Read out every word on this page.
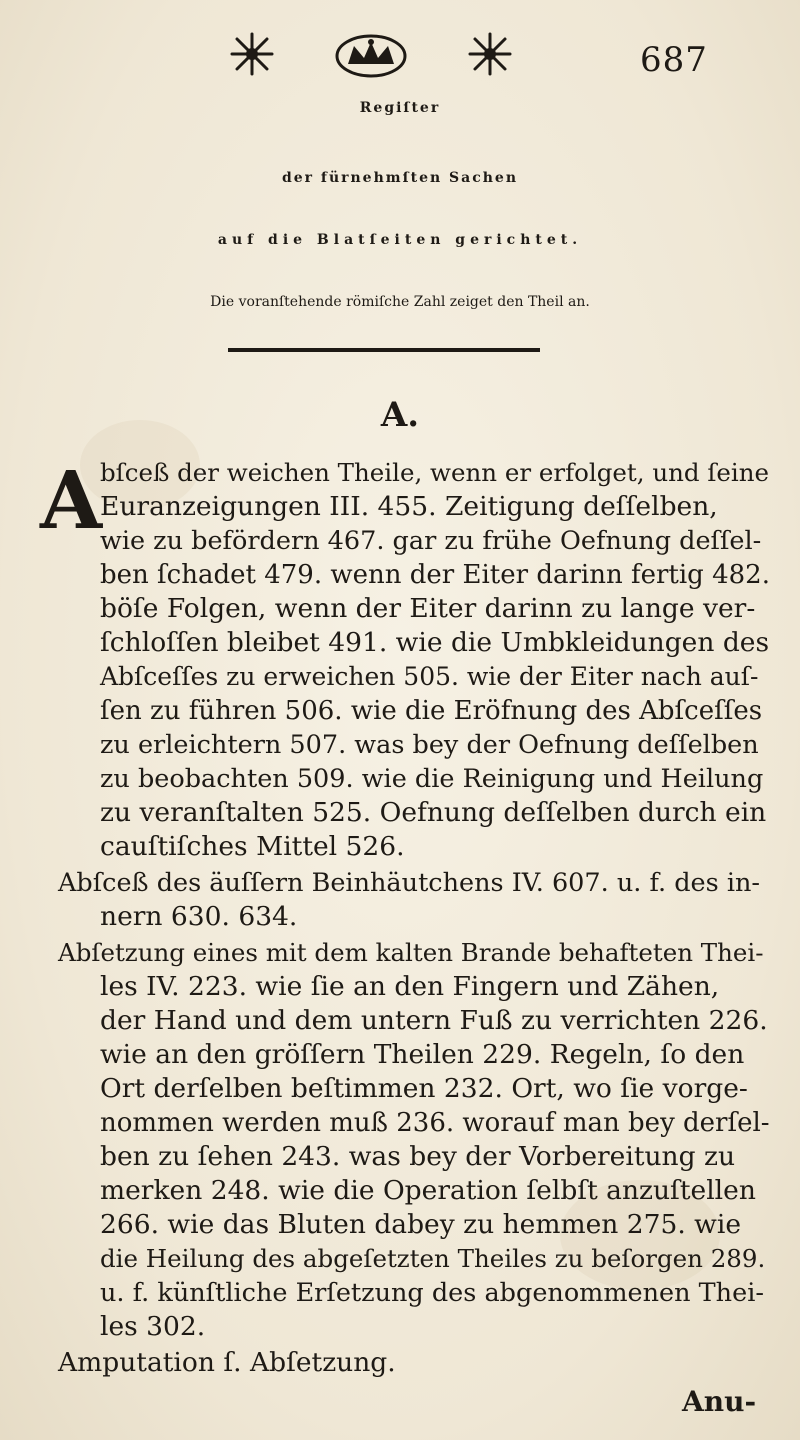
687
Regiſter
der fürnehmſten Sachen
auf die Blatſeiten gerichtet.
Die voranſtehende römiſche Zahl zeiget den Theil an.
A.
A
bſceß der weichen Theile, wenn er erfolget, und ſeine
Euranzeigungen III. 455. Zeitigung deſſelben,
wie zu befördern 467. gar zu frühe Oefnung deſſel-
ben ſchadet 479. wenn der Eiter darinn fertig 482.
böſe Folgen, wenn der Eiter darinn zu lange ver-
ſchloſſen bleibet 491. wie die Umbkleidungen des
Abſceſſes zu erweichen 505. wie der Eiter nach auſ-
ſen zu führen 506. wie die Eröfnung des Abſceſſes
zu erleichtern 507. was bey der Oefnung deſſelben
zu beobachten 509. wie die Reinigung und Heilung
zu veranſtalten 525. Oefnung deſſelben durch ein
cauſtiſches Mittel 526.
Abſceß des äuſſern Beinhäutchens IV. 607. u. f. des in-
nern 630. 634.
Abſetzung eines mit dem kalten Brande behafteten Thei-
les IV. 223. wie ſie an den Fingern und Zähen,
der Hand und dem untern Fuß zu verrichten 226.
wie an den gröſſern Theilen 229. Regeln, ſo den
Ort derſelben beſtimmen 232. Ort, wo ſie vorge-
nommen werden muß 236. worauf man bey derſel-
ben zu ſehen 243. was bey der Vorbereitung zu
merken 248. wie die Operation ſelbſt anzuſtellen
266. wie das Bluten dabey zu hemmen 275. wie
die Heilung des abgeſetzten Theiles zu beſorgen 289.
u. f. künſtliche Erſetzung des abgenommenen Thei-
les 302.
Amputation ſ. Abſetzung.
Anu-
